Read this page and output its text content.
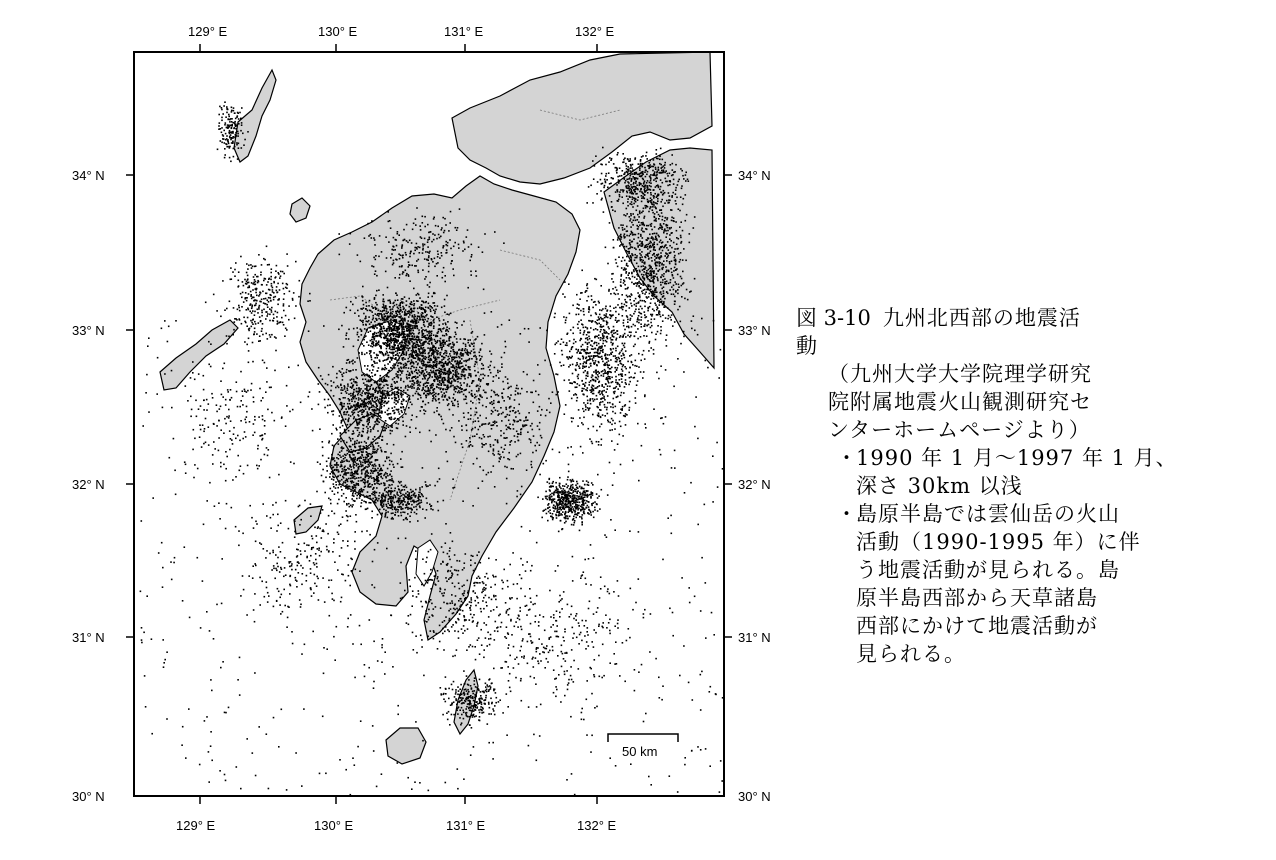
129° E	130° E	131° E	132° E
129° E	130° E	131° E	132° E
34° N
33° N
32° N
31° N
30° N
34° N
33° N
32° N
31° N
30° N
50 km
図 3-10 九州北西部の地震活
動
（九州大学大学院理学研究
院附属地震火山観測研究セ
ンターホームページより）
・1990 年 1 月～1997 年 1 月、
深さ 30km 以浅
・島原半島では雲仙岳の火山
活動（1990-1995 年）に伴
う地震活動が見られる。島
原半島西部から天草諸島
西部にかけて地震活動が
見られる。
